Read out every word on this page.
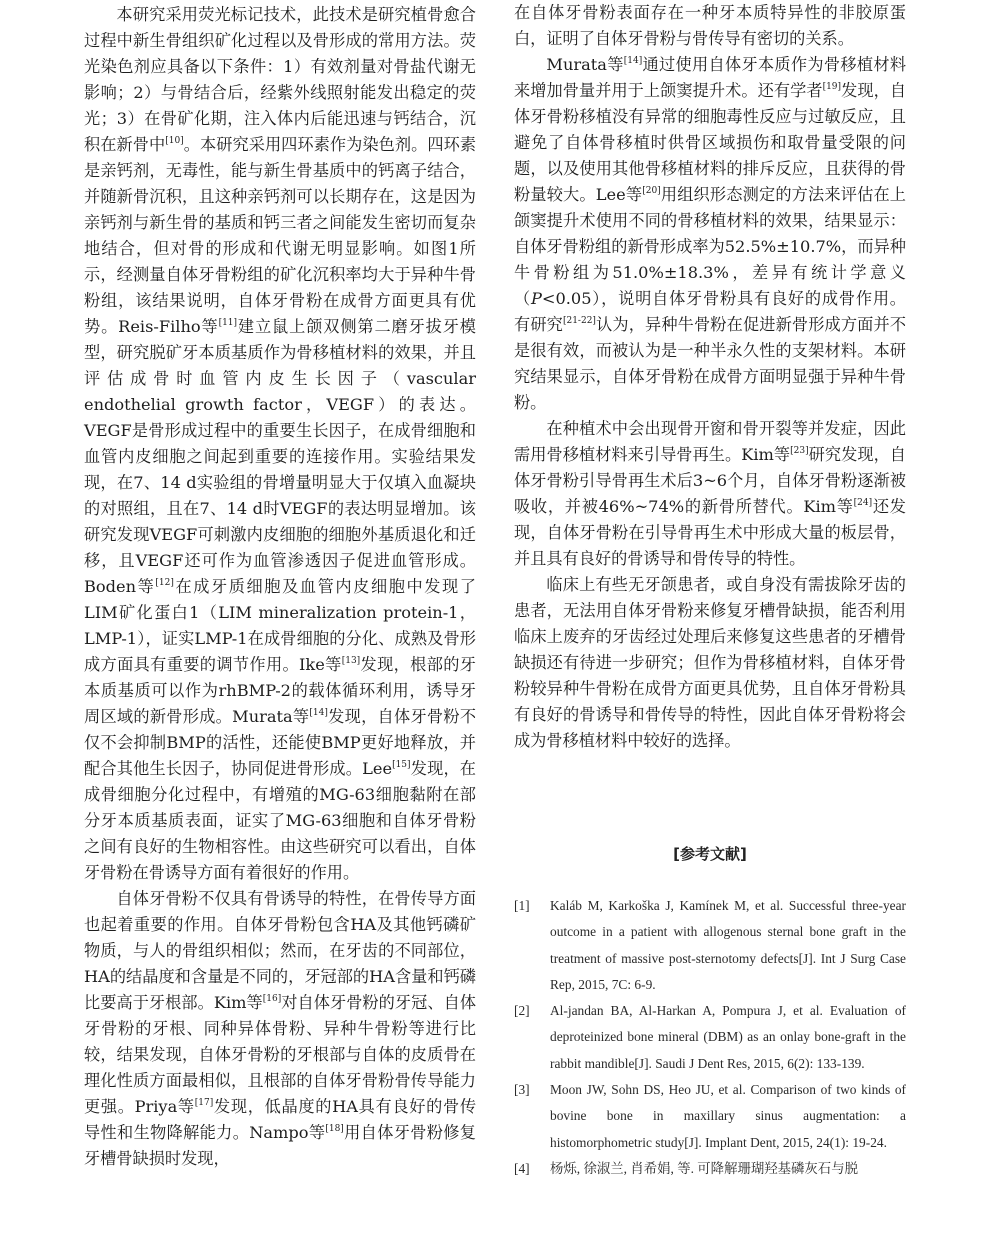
本研究采用荧光标记技术，此技术是研究植骨愈合过程中新生骨组织矿化过程以及骨形成的常用方法。荧光染色剂应具备以下条件：1）有效剂量对骨盐代谢无影响；2）与骨结合后，经紫外线照射能发出稳定的荧光；3）在骨矿化期，注入体内后能迅速与钙结合，沉积在新骨中[10]。本研究采用四环素作为染色剂。四环素是亲钙剂，无毒性，能与新生骨基质中的钙离子结合，并随新骨沉积，且这种亲钙剂可以长期存在，这是因为亲钙剂与新生骨的基质和钙三者之间能发生密切而复杂地结合，但对骨的形成和代谢无明显影响。如图1所示，经测量自体牙骨粉组的矿化沉积率均大于异种牛骨粉组，该结果说明，自体牙骨粉在成骨方面更具有优势。Reis-Filho等[11]建立鼠上颌双侧第二磨牙拔牙模型，研究脱矿牙本质基质作为骨移植材料的效果，并且评估成骨时血管内皮生长因子（vascular endothelial growth factor，VEGF）的表达。VEGF是骨形成过程中的重要生长因子，在成骨细胞和血管内皮细胞之间起到重要的连接作用。实验结果发现，在7、14 d实验组的骨增量明显大于仅填入血凝块的对照组，且在7、14 d时VEGF的表达明显增加。该研究发现VEGF可刺激内皮细胞的细胞外基质退化和迁移，且VEGF还可作为血管渗透因子促进血管形成。Boden等[12]在成牙质细胞及血管内皮细胞中发现了LIM矿化蛋白1（LIM mineralization protein-1，LMP-1），证实LMP-1在成骨细胞的分化、成熟及骨形成方面具有重要的调节作用。Ike等[13]发现，根部的牙本质基质可以作为rhBMP-2的载体循环利用，诱导牙周区域的新骨形成。Murata等[14]发现，自体牙骨粉不仅不会抑制BMP的活性，还能使BMP更好地释放，并配合其他生长因子，协同促进骨形成。Lee[15]发现，在成骨细胞分化过程中，有增殖的MG-63细胞黏附在部分牙本质基质表面，证实了MG-63细胞和自体牙骨粉之间有良好的生物相容性。由这些研究可以看出，自体牙骨粉在骨诱导方面有着很好的作用。

自体牙骨粉不仅具有骨诱导的特性，在骨传导方面也起着重要的作用。自体牙骨粉包含HA及其他钙磷矿物质，与人的骨组织相似；然而，在牙齿的不同部位，HA的结晶度和含量是不同的，牙冠部的HA含量和钙磷比要高于牙根部。Kim等[16]对自体牙骨粉的牙冠、自体牙骨粉的牙根、同种异体骨粉、异种牛骨粉等进行比较，结果发现，自体牙骨粉的牙根部与自体的皮质骨在理化性质方面最相似，且根部的自体牙骨粉骨传导能力更强。Priya等[17]发现，低晶度的HA具有良好的骨传导性和生物降解能力。Nampo等[18]用自体牙骨粉修复牙槽骨缺损时发现，

在自体牙骨粉表面存在一种牙本质特异性的非胶原蛋白，证明了自体牙骨粉与骨传导有密切的关系。

Murata等[14]通过使用自体牙本质作为骨移植材料来增加骨量并用于上颌窦提升术。还有学者[19]发现，自体牙骨粉移植没有异常的细胞毒性反应与过敏反应，且避免了自体骨移植时供骨区域损伤和取骨量受限的问题，以及使用其他骨移植材料的排斥反应，且获得的骨粉量较大。Lee等[20]用组织形态测定的方法来评估在上颌窦提升术使用不同的骨移植材料的效果，结果显示：自体牙骨粉组的新骨形成率为52.5%±10.7%，而异种牛骨粉组为51.0%±18.3%，差异有统计学意义（P<0.05），说明自体牙骨粉具有良好的成骨作用。有研究[21-22]认为，异种牛骨粉在促进新骨形成方面并不是很有效，而被认为是一种半永久性的支架材料。本研究结果显示，自体牙骨粉在成骨方面明显强于异种牛骨粉。

在种植术中会出现骨开窗和骨开裂等并发症，因此需用骨移植材料来引导骨再生。Kim等[23]研究发现，自体牙骨粉引导骨再生术后3~6个月，自体牙骨粉逐渐被吸收，并被46%~74%的新骨所替代。Kim等[24]还发现，自体牙骨粉在引导骨再生术中形成大量的板层骨，并且具有良好的骨诱导和骨传导的特性。

临床上有些无牙颌患者，或自身没有需拔除牙齿的患者，无法用自体牙骨粉来修复牙槽骨缺损，能否利用临床上废弃的牙齿经过处理后来修复这些患者的牙槽骨缺损还有待进一步研究；但作为骨移植材料，自体牙骨粉较异种牛骨粉在成骨方面更具优势，且自体牙骨粉具有良好的骨诱导和骨传导的特性，因此自体牙骨粉将会成为骨移植材料中较好的选择。

[参考文献]
[1]	Kaláb M, Karkoška J, Kamínek M, et al. Successful three-year outcome in a patient with allogenous sternal bone graft in the treatment of massive post-sternotomy defects[J]. Int J Surg Case Rep, 2015, 7C: 6-9.
[2]	Al-jandan BA, Al-Harkan A, Pompura J, et al. Evaluation of deproteinized bone mineral (DBM) as an onlay bone-graft in the rabbit mandible[J]. Saudi J Dent Res, 2015, 6(2): 133-139.
[3]	Moon JW, Sohn DS, Heo JU, et al. Comparison of two kinds of bovine bone in maxillary sinus augmentation: a histomorphometric study[J]. Implant Dent, 2015, 24(1): 19-24.
[4]	杨烁, 徐淑兰, 肖希娟, 等. 可降解珊瑚羟基磷灰石与脱
